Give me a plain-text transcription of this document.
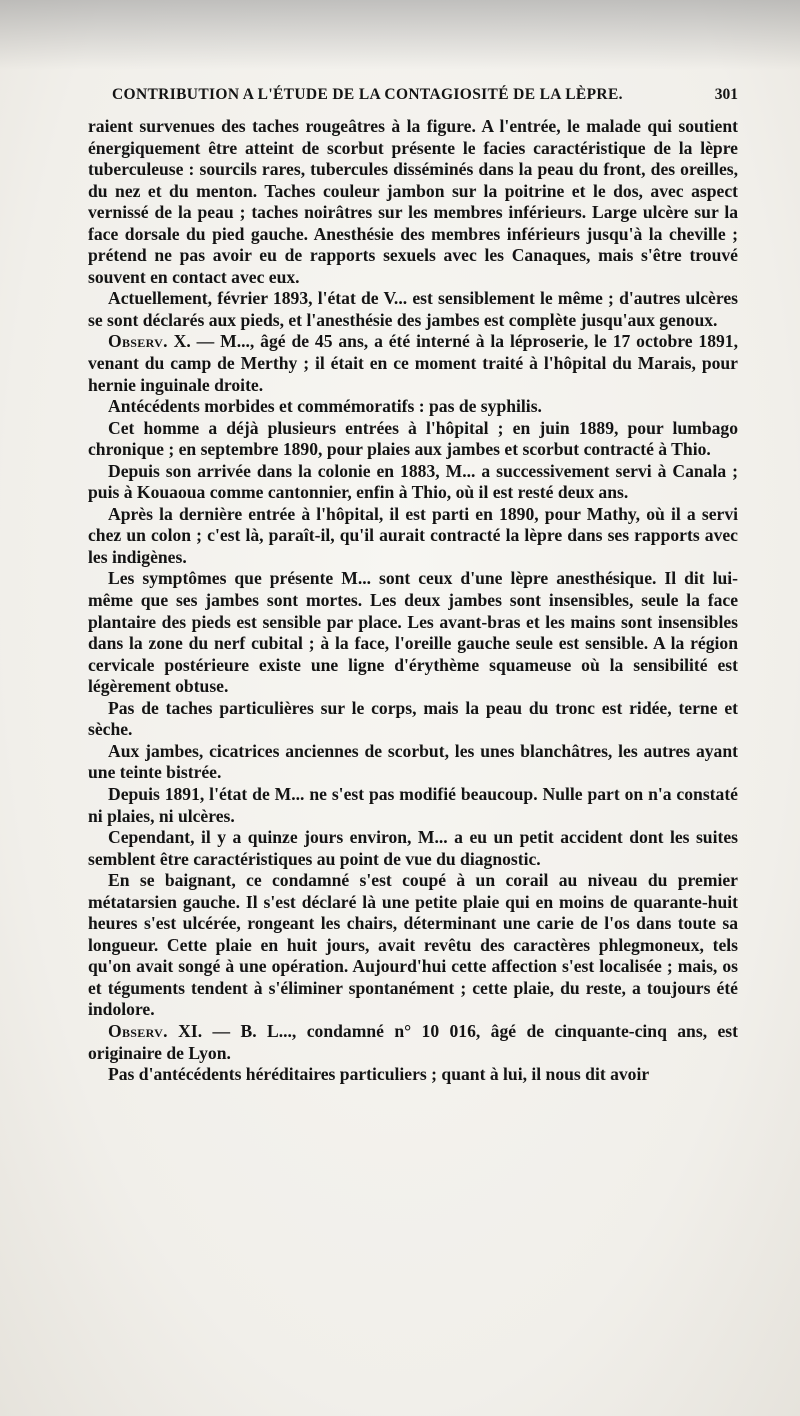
CONTRIBUTION A L'ÉTUDE DE LA CONTAGIOSITÉ DE LA LÈPRE.	301

raient survenues des taches rougeâtres à la figure. A l'entrée, le malade qui soutient énergiquement être atteint de scorbut présente le facies caractéristique de la lèpre tuberculeuse : sourcils rares, tubercules disséminés dans la peau du front, des oreilles, du nez et du menton. Taches couleur jambon sur la poitrine et le dos, avec aspect vernissé de la peau ; taches noirâtres sur les membres inférieurs. Large ulcère sur la face dorsale du pied gauche. Anesthésie des membres inférieurs jusqu'à la cheville ; prétend ne pas avoir eu de rapports sexuels avec les Canaques, mais s'être trouvé souvent en contact avec eux.

Actuellement, février 1893, l'état de V... est sensiblement le même ; d'autres ulcères se sont déclarés aux pieds, et l'anesthésie des jambes est complète jusqu'aux genoux.

Observ. X. — M..., âgé de 45 ans, a été interné à la léproserie, le 17 octobre 1891, venant du camp de Merthy ; il était en ce moment traité à l'hôpital du Marais, pour hernie inguinale droite.

Antécédents morbides et commémoratifs : pas de syphilis.

Cet homme a déjà plusieurs entrées à l'hôpital ; en juin 1889, pour lumbago chronique ; en septembre 1890, pour plaies aux jambes et scorbut contracté à Thio.

Depuis son arrivée dans la colonie en 1883, M... a successivement servi à Canala ; puis à Kouaoua comme cantonnier, enfin à Thio, où il est resté deux ans.

Après la dernière entrée à l'hôpital, il est parti en 1890, pour Mathy, où il a servi chez un colon ; c'est là, paraît-il, qu'il aurait contracté la lèpre dans ses rapports avec les indigènes.

Les symptômes que présente M... sont ceux d'une lèpre anesthésique. Il dit lui-même que ses jambes sont mortes. Les deux jambes sont insensibles, seule la face plantaire des pieds est sensible par place. Les avant-bras et les mains sont insensibles dans la zone du nerf cubital ; à la face, l'oreille gauche seule est sensible. A la région cervicale postérieure existe une ligne d'érythème squameuse où la sensibilité est légèrement obtuse.

Pas de taches particulières sur le corps, mais la peau du tronc est ridée, terne et sèche.

Aux jambes, cicatrices anciennes de scorbut, les unes blanchâtres, les autres ayant une teinte bistrée.

Depuis 1891, l'état de M... ne s'est pas modifié beaucoup. Nulle part on n'a constaté ni plaies, ni ulcères.

Cependant, il y a quinze jours environ, M... a eu un petit accident dont les suites semblent être caractéristiques au point de vue du diagnostic.

En se baignant, ce condamné s'est coupé à un corail au niveau du premier métatarsien gauche. Il s'est déclaré là une petite plaie qui en moins de quarante-huit heures s'est ulcérée, rongeant les chairs, déterminant une carie de l'os dans toute sa longueur. Cette plaie en huit jours, avait revêtu des caractères phlegmoneux, tels qu'on avait songé à une opération. Aujourd'hui cette affection s'est localisée ; mais, os et téguments tendent à s'éliminer spontanément ; cette plaie, du reste, a toujours été indolore.

Observ. XI. — B. L..., condamné n° 10 016, âgé de cinquante-cinq ans, est originaire de Lyon.

Pas d'antécédents héréditaires particuliers ; quant à lui, il nous dit avoir
